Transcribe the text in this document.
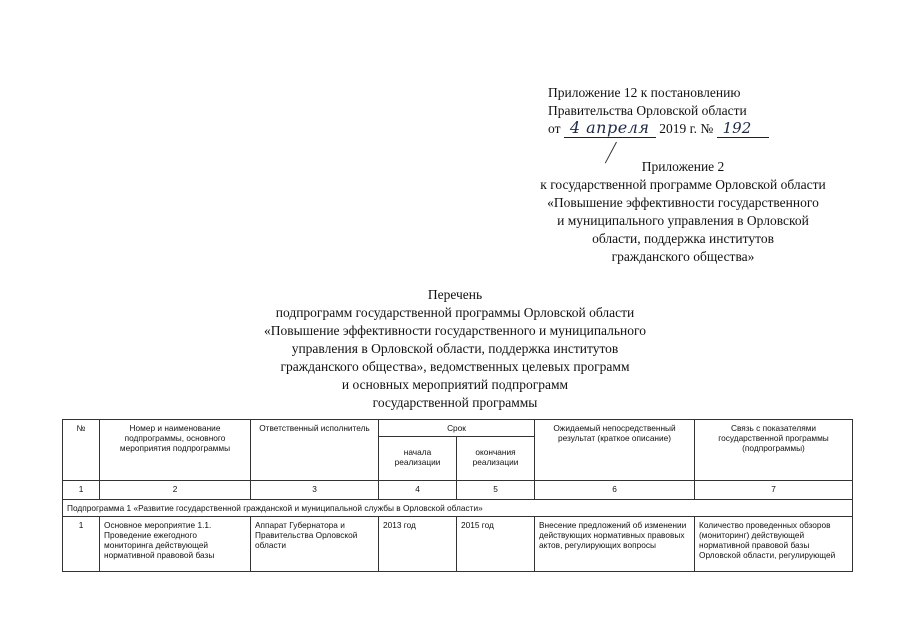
Приложение 12 к постановлению
Правительства Орловской области
от 4 апреля 2019 г. № 192
Приложение 2
к государственной программе Орловской области
«Повышение эффективности государственного
и муниципального управления в Орловской
области, поддержка институтов
гражданского общества»
Перечень
подпрограмм государственной программы Орловской области
«Повышение эффективности государственного и муниципального
управления в Орловской области, поддержка институтов
гражданского общества», ведомственных целевых программ
и основных мероприятий подпрограмм
государственной программы
№	Номер и наименование подпрограммы, основного мероприятия подпрограммы	Ответственный исполнитель	Срок		Ожидаемый непосредственный результат (краткое описание)	Связь с показателями государственной программы (подпрограммы)
			начала реализации	окончания реализации		
1	2	3	4	5	6	7
Подпрограмма 1 «Развитие государственной гражданской и муниципальной службы в Орловской области»						
1	Основное мероприятие 1.1. Проведение ежегодного мониторинга действующей нормативной правовой базы	Аппарат Губернатора и Правительства Орловской области	2013 год	2015 год	Внесение предложений об изменении действующих нормативных правовых актов, регулирующих вопросы	Количество проведенных обзоров (мониторинг) действующей нормативной правовой базы Орловской области, регулирующей
